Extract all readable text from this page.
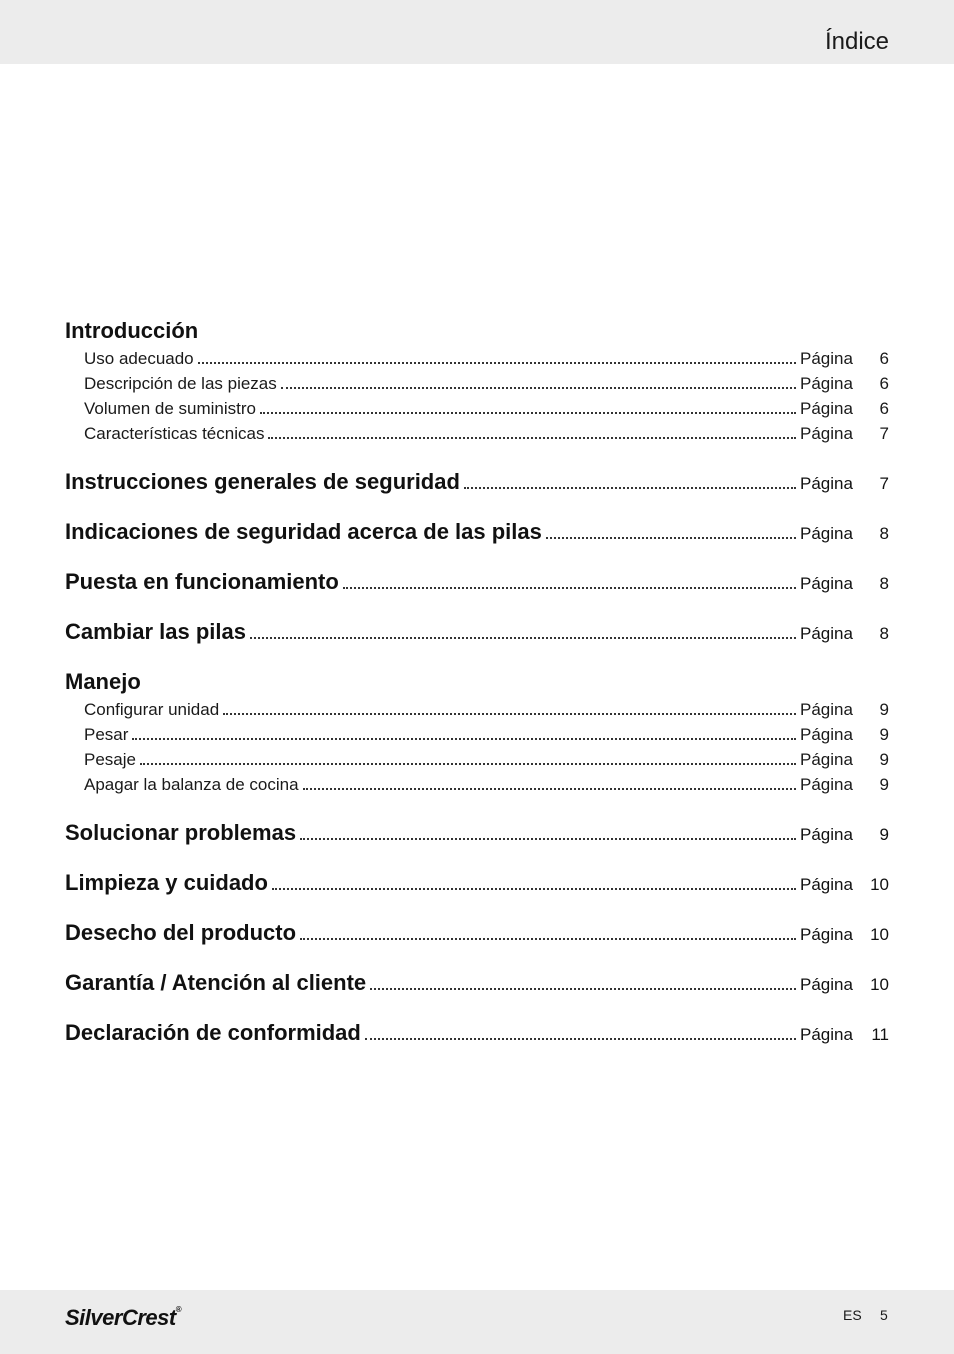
Índice
Introducción
Uso adecuado	Página	6
Descripción de las piezas	Página	6
Volumen de suministro	Página	6
Características técnicas	Página	7
Instrucciones generales de seguridad	Página	7
Indicaciones de seguridad acerca de las pilas	Página	8
Puesta en funcionamiento	Página	8
Cambiar las pilas	Página	8
Manejo
Configurar unidad	Página	9
Pesar	Página	9
Pesaje	Página	9
Apagar la balanza de cocina	Página	9
Solucionar problemas	Página	9
Limpieza y cuidado	Página	10
Desecho del producto	Página	10
Garantía / Atención al cliente	Página	10
Declaración de conformidad	Página	11
SilverCrest®	ES 5
